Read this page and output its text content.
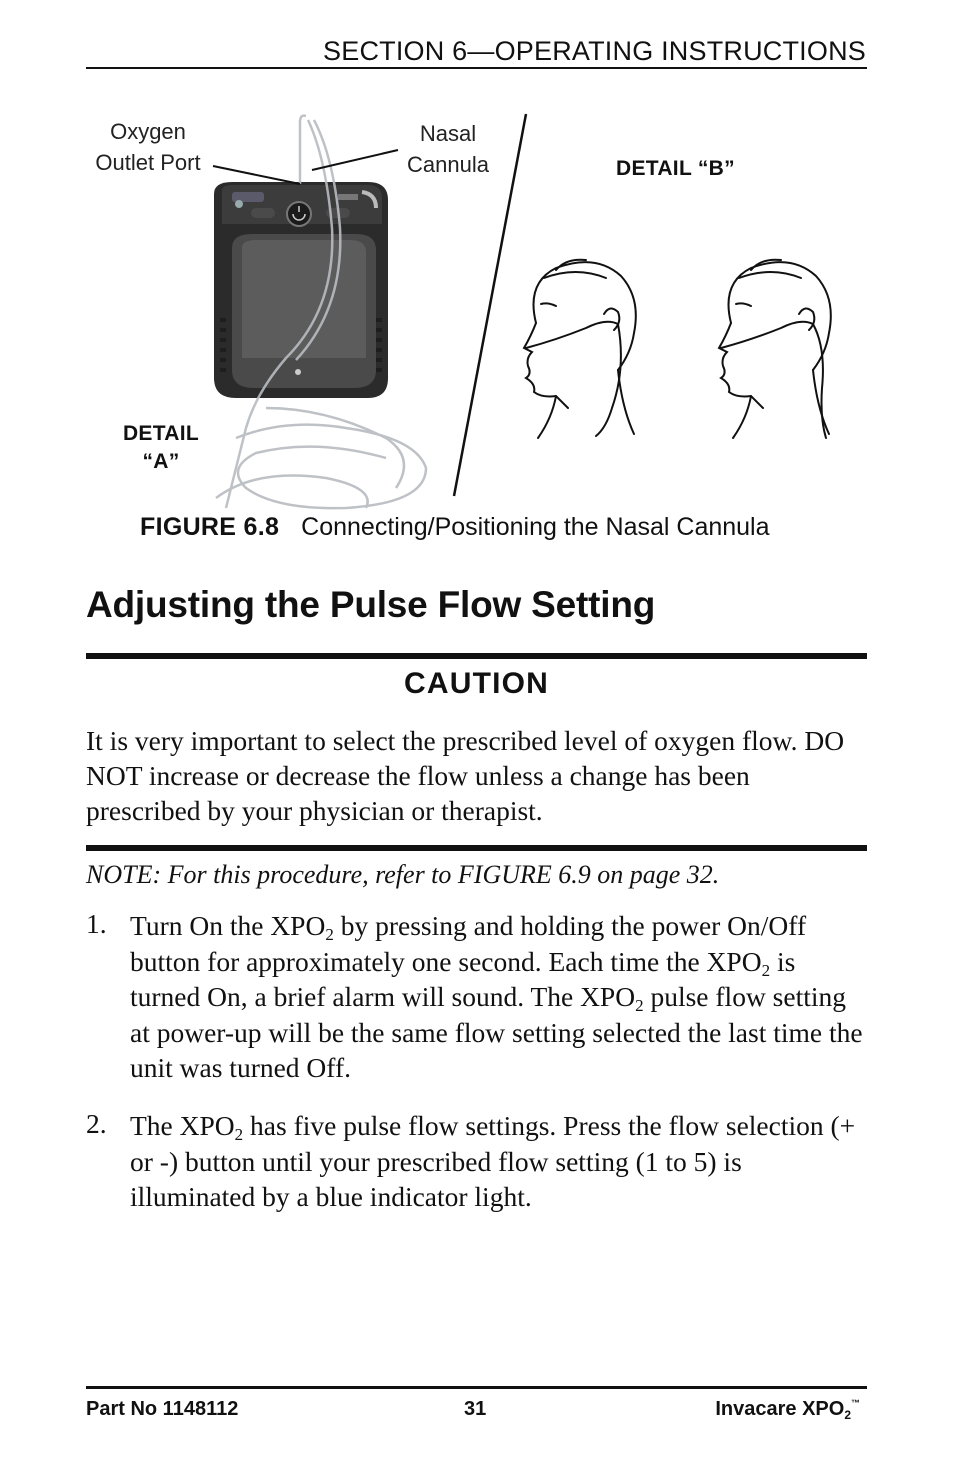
SECTION 6—OPERATING INSTRUCTIONS
Oxygen
Outlet Port
Nasal
Cannula	DETAIL “B”
DETAIL
“A”
FIGURE 6.8 Connecting/Positioning the Nasal Cannula
Adjusting the Pulse Flow Setting
CAUTION
It is very important to select the prescribed level of oxygen flow. DO NOT increase or decrease the flow unless a change has been prescribed by your physician or therapist.
NOTE: For this procedure, refer to FIGURE 6.9 on page 32.
1. Turn On the $XPO_2$ by pressing and holding the power On/Off button for approximately one second. Each time the $XPO_2$ is turned On, a brief alarm will sound. The $XPO_2$ pulse flow setting at power-up will be the same flow setting selected the last time the unit was turned Off.
2. The $XPO_2$ has five pulse flow settings. Press the flow selection (+ or -) button until your prescribed flow setting (1 to 5) is illuminated by a blue indicator light.
Part No 1148112	31	Invacare $XPO_2™$
